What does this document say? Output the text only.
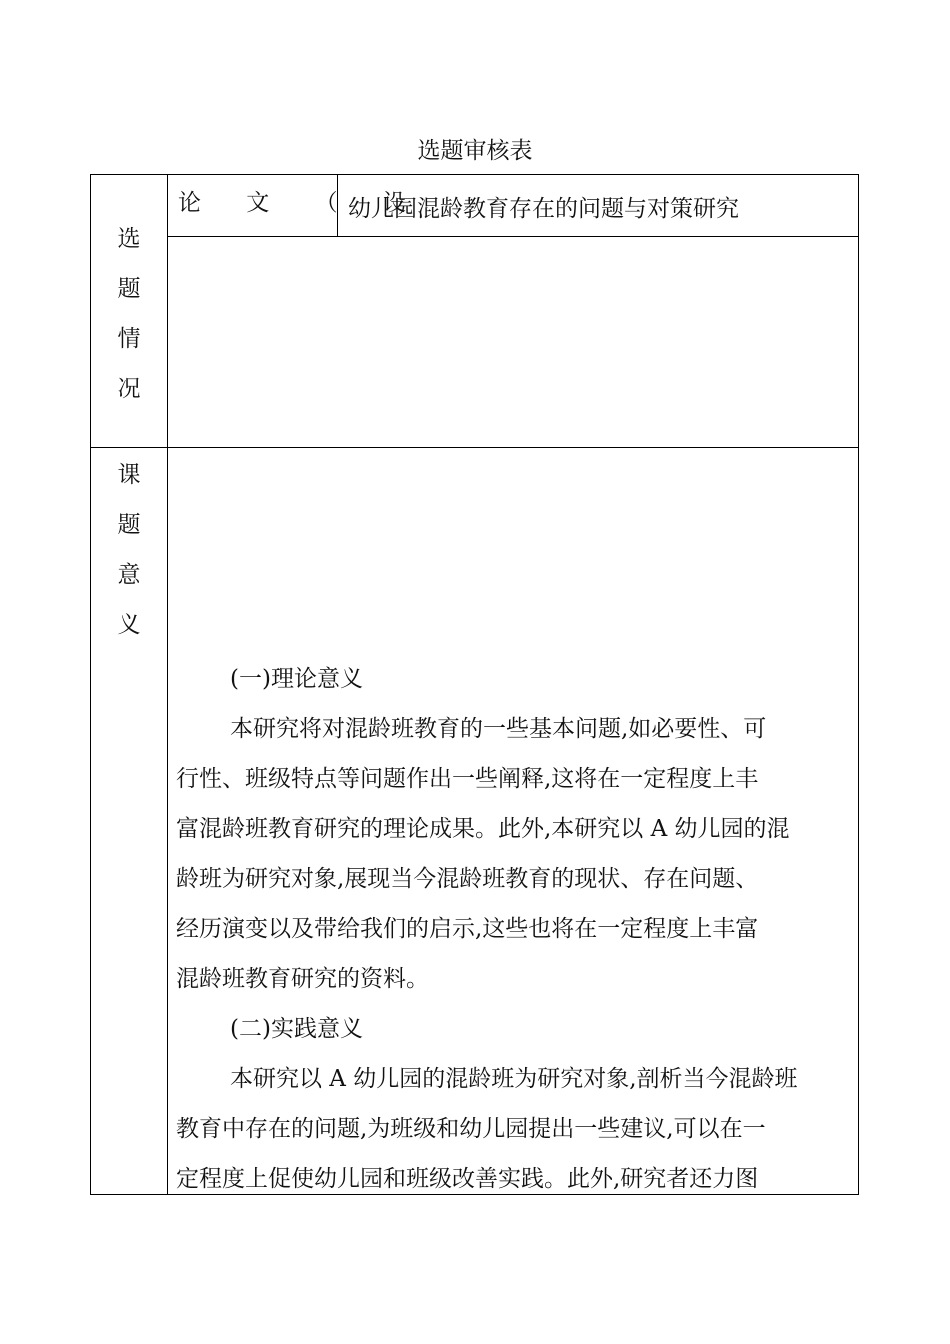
选题审核表
选
题
情
况
论 文 （ 设
幼儿园混龄教育存在的问题与对策研究
课
题
意
义

(一)理论意义

本研究将对混龄班教育的一些基本问题,如必要性、可

行性、班级特点等问题作出一些阐释,这将在一定程度上丰

富混龄班教育研究的理论成果。此外,本研究以 A 幼儿园的混

龄班为研究对象,展现当今混龄班教育的现状、存在问题、

经历演变以及带给我们的启示,这些也将在一定程度上丰富

混龄班教育研究的资料。

(二)实践意义

本研究以 A 幼儿园的混龄班为研究对象,剖析当今混龄班

教育中存在的问题,为班级和幼儿园提出一些建议,可以在一

定程度上促使幼儿园和班级改善实践。此外,研究者还力图
